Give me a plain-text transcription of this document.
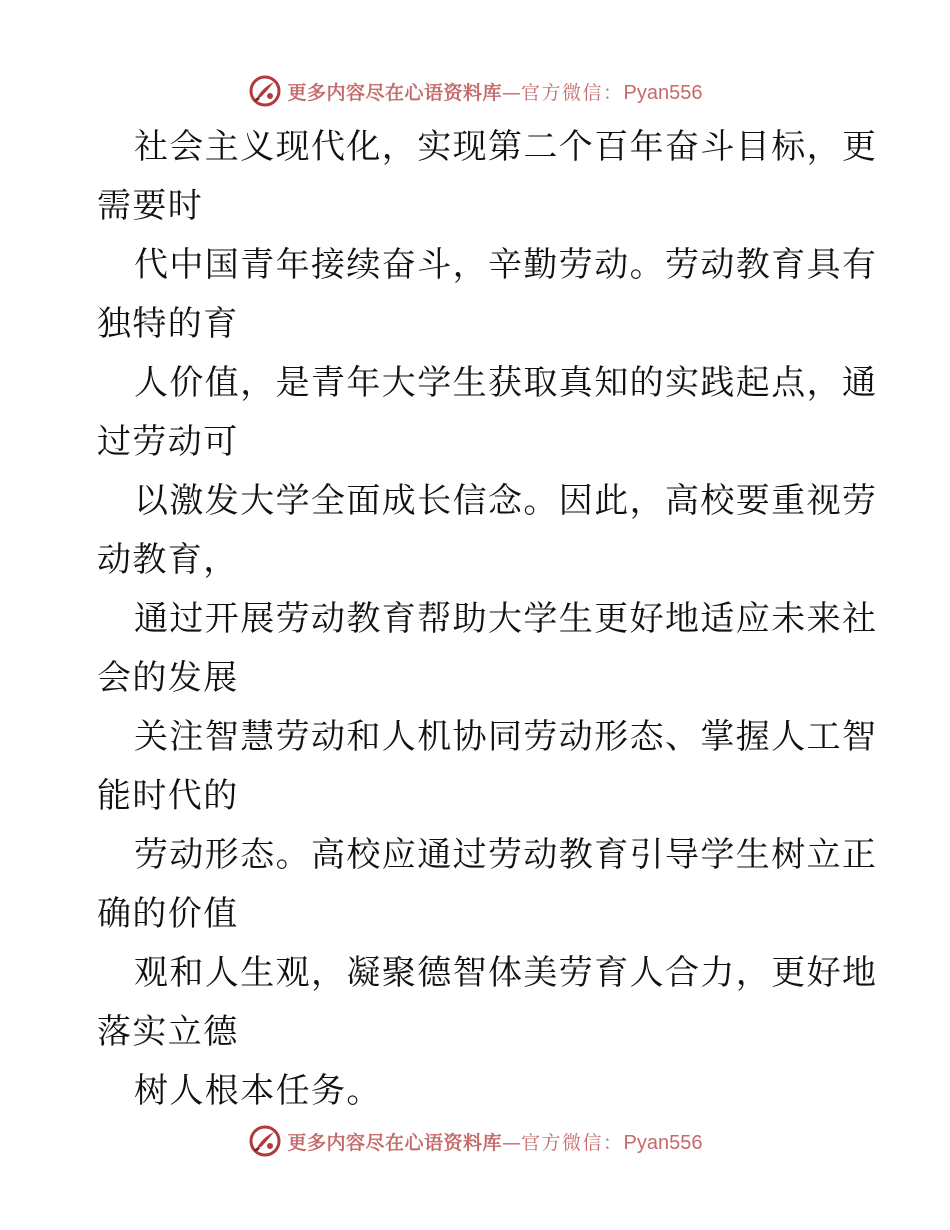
更多内容尽在心语资料库 — 官方微信： Pyan556
社会主义现代化，实现第二个百年奋斗目标，更
需要时
代中国青年接续奋斗，辛勤劳动。劳动教育具有
独特的育
人价值，是青年大学生获取真知的实践起点，通
过劳动可
以激发大学全面成长信念。因此，高校要重视劳
动教育，
通过开展劳动教育帮助大学生更好地适应未来社
会的发展
关注智慧劳动和人机协同劳动形态、掌握人工智
能时代的
劳动形态。高校应通过劳动教育引导学生树立正
确的价值
观和人生观，凝聚德智体美劳育人合力，更好地
落实立德
树人根本任务。
更多内容尽在心语资料库 — 官方微信： Pyan556
